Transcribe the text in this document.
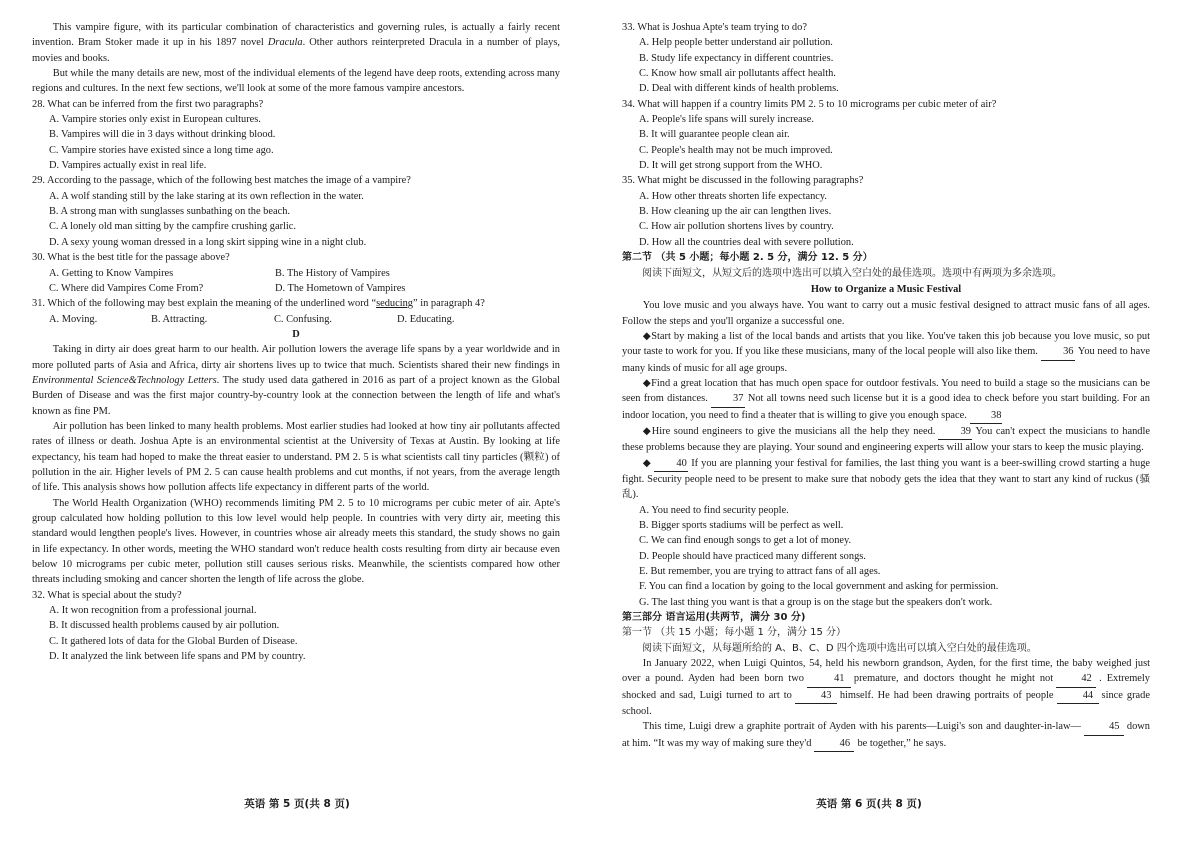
This vampire figure, with its particular combination of characteristics and governing rules, is actually a fairly recent invention. Bram Stoker made it up in his 1897 novel Dracula. Other authors reinterpreted Dracula in a number of plays, movies and books.
But while the many details are new, most of the individual elements of the legend have deep roots, extending across many regions and cultures. In the next few sections, we'll look at some of the more famous vampire ancestors.
28. What can be inferred from the first two paragraphs?
A. Vampire stories only exist in European cultures.
B. Vampires will die in 3 days without drinking blood.
C. Vampire stories have existed since a long time ago.
D. Vampires actually exist in real life.
29. According to the passage, which of the following best matches the image of a vampire?
A. A wolf standing still by the lake staring at its own reflection in the water.
B. A strong man with sunglasses sunbathing on the beach.
C. A lonely old man sitting by the campfire crushing garlic.
D. A sexy young woman dressed in a long skirt sipping wine in a night club.
30. What is the best title for the passage above?
A. Getting to Know Vampires	B. The History of Vampires
C. Where did Vampires Come From?	D. The Hometown of Vampires
31. Which of the following may best explain the meaning of the underlined word “seducing” in paragraph 4?
A. Moving.	B. Attracting.	C. Confusing.	D. Educating.
D
Taking in dirty air does great harm to our health. Air pollution lowers the average life spans by a year worldwide and in more polluted parts of Asia and Africa, dirty air shortens lives up to twice that much. Scientists shared their new findings in Environmental Science&Technology Letters. The study used data gathered in 2016 as part of a project known as the Global Burden of Disease and was the first major country-by-country look at the connection between the length of life and what's known as fine PM.
Air pollution has been linked to many health problems. Most earlier studies had looked at how tiny air pollutants affected rates of illness or death. Joshua Apte is an environmental scientist at the University of Texas at Austin. By looking at life expectancy, his team had hoped to make the threat easier to understand. PM 2. 5 is what scientists call tiny particles (颗粒) of pollution in the air. Higher levels of PM 2. 5 can cause health problems and cut months, if not years, from the average length of life. This analysis shows how pollution affects life expectancy in different parts of the world.
The World Health Organization (WHO) recommends limiting PM 2. 5 to 10 micrograms per cubic meter of air. Apte's group calculated how holding pollution to this low level would help people. In countries with very dirty air, meeting this standard would lengthen people's lives. However, in countries whose air already meets this standard, the study shows no gain in life expectancy. In other words, meeting the WHO standard won't reduce health costs resulting from dirty air because even below 10 micrograms per cubic meter, pollution still causes serious risks. Meanwhile, the scientists compared how other threats including smoking and cancer shorten the length of life across the globe.
32. What is special about the study?
A. It won recognition from a professional journal.
B. It discussed health problems caused by air pollution.
C. It gathered lots of data for the Global Burden of Disease.
D. It analyzed the link between life spans and PM by country.
英语 第 5 页(共 8 页)
33. What is Joshua Apte's team trying to do?
A. Help people better understand air pollution.
B. Study life expectancy in different countries.
C. Know how small air pollutants affect health.
D. Deal with different kinds of health problems.
34. What will happen if a country limits PM 2. 5 to 10 micrograms per cubic meter of air?
A. People's life spans will surely increase.
B. It will guarantee people clean air.
C. People's health may not be much improved.
D. It will get strong support from the WHO.
35. What might be discussed in the following paragraphs?
A. How other threats shorten life expectancy.
B. How cleaning up the air can lengthen lives.
C. How air pollution shortens lives by country.
D. How all the countries deal with severe pollution.
第二节 （共 5 小题；每小题 2. 5 分，满分 12. 5 分）
阅读下面短文，从短文后的选项中选出可以填入空白处的最佳选项。选项中有两项为多余选项。
How to Organize a Music Festival
You love music and you always have. You want to carry out a music festival designed to attract music fans of all ages. Follow the steps and you'll organize a successful one.
◆Start by making a list of the local bands and artists that you like. You've taken this job because you love music, so put your taste to work for you. If you like these musicians, many of the local people will also like them. 36 You need to have many kinds of music for all age groups.
◆Find a great location that has much open space for outdoor festivals. You need to build a stage so the musicians can be seen from distances. 37 Not all towns need such license but it is a good idea to check before you start building. For an indoor location, you need to find a theater that is willing to give you enough space. 38
◆Hire sound engineers to give the musicians all the help they need. 39 You can't expect the musicians to handle these problems because they are playing. Your sound and engineering experts will allow your stars to keep the music playing.
◆ 40 If you are planning your festival for families, the last thing you want is a beer-swilling crowd starting a huge fight. Security people need to be present to make sure that nobody gets the idea that they want to start any kind of ruckus (骚乱).
A. You need to find security people.
B. Bigger sports stadiums will be perfect as well.
C. We can find enough songs to get a lot of money.
D. People should have practiced many different songs.
E. But remember, you are trying to attract fans of all ages.
F. You can find a location by going to the local government and asking for permission.
G. The last thing you want is that a group is on the stage but the speakers don't work.
第三部分 语言运用(共两节，满分 30 分)
第一节 （共 15 小题；每小题 1 分，满分 15 分）
阅读下面短文，从每题所给的 A、B、C、D 四个选项中选出可以填入空白处的最佳选项。
In January 2022, when Luigi Quintos, 54, held his newborn grandson, Ayden, for the first time, the baby weighed just over a pound. Ayden had been born two	41 premature, and doctors thought he might not	42 . Extremely shocked and sad, Luigi turned to art to	43 himself. He had been drawing portraits of people	44 since grade school.
This time, Luigi drew a graphite portrait of Ayden with his parents—Luigi's son and daughter-in-law—	45 down at him. “It was my way of making sure they'd	46 be together,” he says.
英语 第 6 页(共 8 页)
